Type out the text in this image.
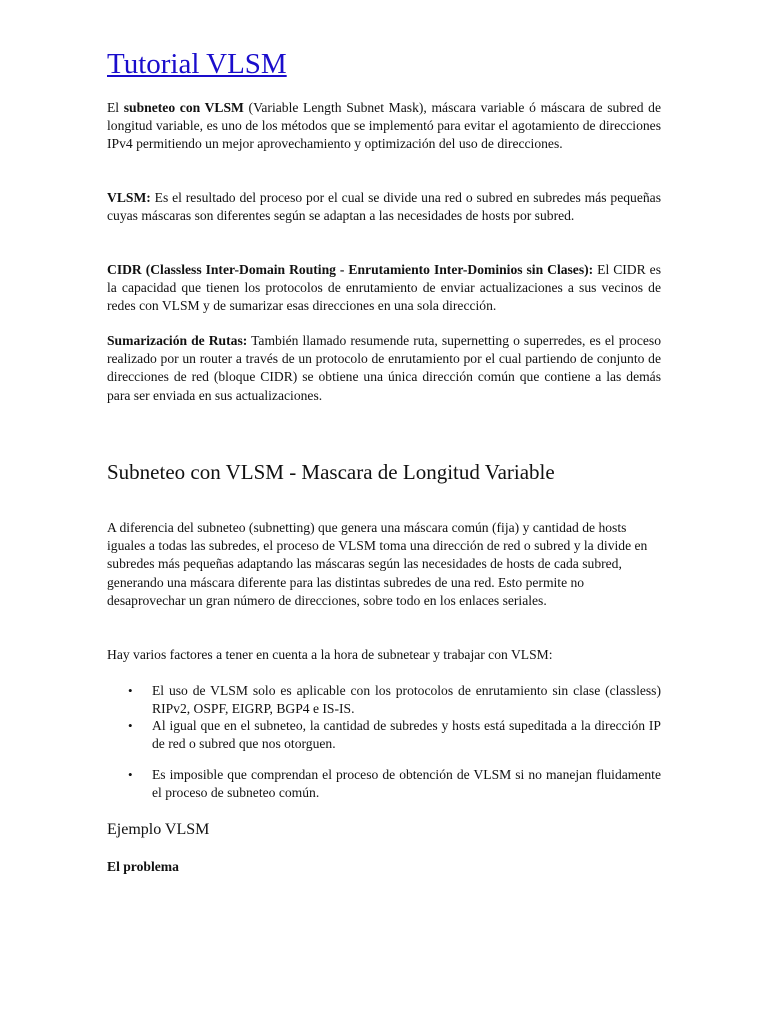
Tutorial VLSM

El subneteo con VLSM (Variable Length Subnet Mask), máscara variable ó máscara de subred de longitud variable, es uno de los métodos que se implementó para evitar el agotamiento de direcciones IPv4 permitiendo un mejor aprovechamiento y optimización del uso de direcciones.

VLSM: Es el resultado del proceso por el cual se divide una red o subred en subredes más pequeñas cuyas máscaras son diferentes según se adaptan a las necesidades de hosts por subred.

CIDR (Classless Inter-Domain Routing - Enrutamiento Inter-Dominios sin Clases): El CIDR es la capacidad que tienen los protocolos de enrutamiento de enviar actualizaciones a sus vecinos de redes con VLSM y de sumarizar esas direcciones en una sola dirección.

Sumarización de Rutas: También llamado resumende ruta, supernetting o superredes, es el proceso realizado por un router a través de un protocolo de enrutamiento por el cual partiendo de conjunto de direcciones de red (bloque CIDR) se obtiene una única dirección común que contiene a las demás para ser enviada en sus actualizaciones.

Subneteo con VLSM - Mascara de Longitud Variable

A diferencia del subneteo (subnetting) que genera una máscara común (fija) y cantidad de hosts iguales a todas las subredes, el proceso de VLSM toma una dirección de red o subred y la divide en subredes más pequeñas adaptando las máscaras según las necesidades de hosts de cada subred, generando una máscara diferente para las distintas subredes de una red. Esto permite no desaprovechar un gran número de direcciones, sobre todo en los enlaces seriales.

Hay varios factores a tener en cuenta a la hora de subnetear y trabajar con VLSM:

•	El uso de VLSM solo es aplicable con los protocolos de enrutamiento sin clase (classless) RIPv2, OSPF, EIGRP, BGP4 e IS-IS.
•	Al igual que en el subneteo, la cantidad de subredes y hosts está supeditada a la dirección IP de red o subred que nos otorguen.
•	Es imposible que comprendan el proceso de obtención de VLSM si no manejan fluidamente el proceso de subneteo común.
Ejemplo VLSM
El problema
